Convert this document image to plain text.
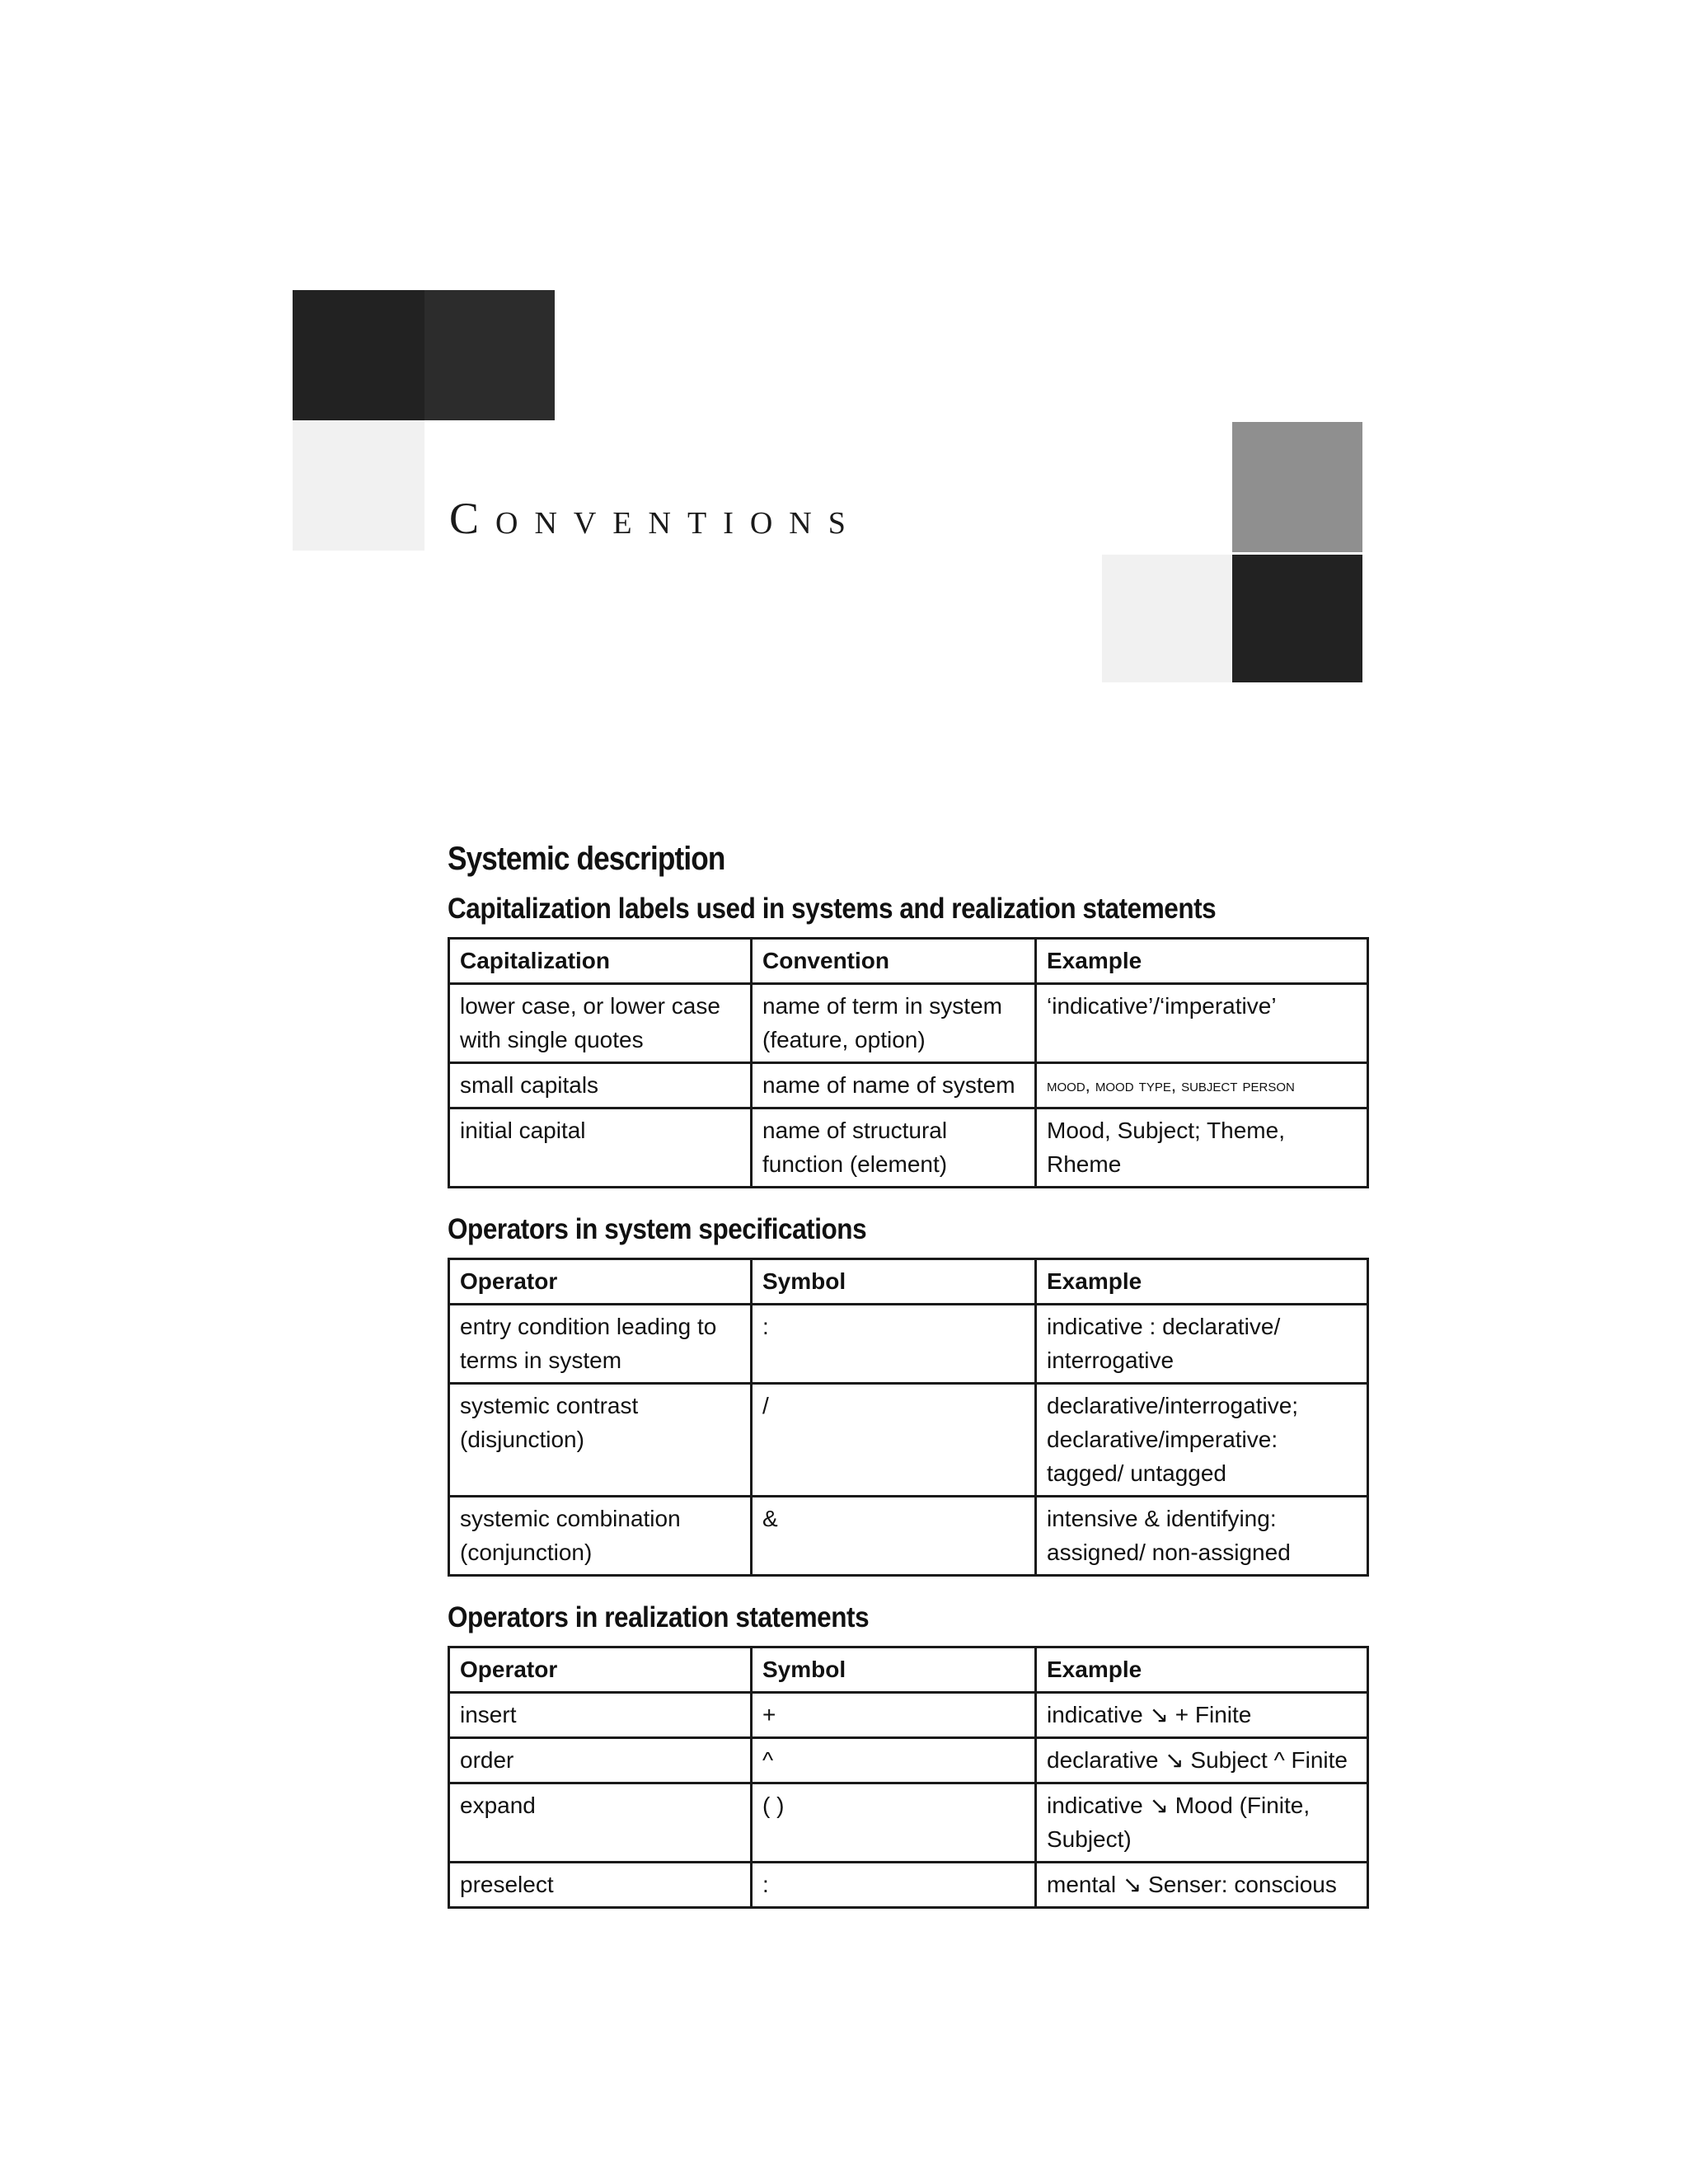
Conventions
Systemic description
Capitalization labels used in systems and realization statements
Capitalization	Convention	Example
lower case, or lower case with single quotes	name of term in system (feature, option)	‘indicative’/‘imperative’
small capitals	name of name of system	mood, mood type, subject person
initial capital	name of structural function (element)	Mood, Subject; Theme, Rheme
Operators in system specifications
Operator	Symbol	Example
entry condition leading to terms in system	:	indicative : declarative/ interrogative
systemic contrast (disjunction)	/	declarative/interrogative; declarative/imperative: tagged/ untagged
systemic combination (conjunction)	&	intensive & identifying: assigned/ non-assigned
Operators in realization statements
Operator	Symbol	Example
insert	+	indicative ↘ + Finite
order	^	declarative ↘ Subject ^ Finite
expand	( )	indicative ↘ Mood (Finite, Subject)
preselect	:	mental ↘ Senser: conscious
